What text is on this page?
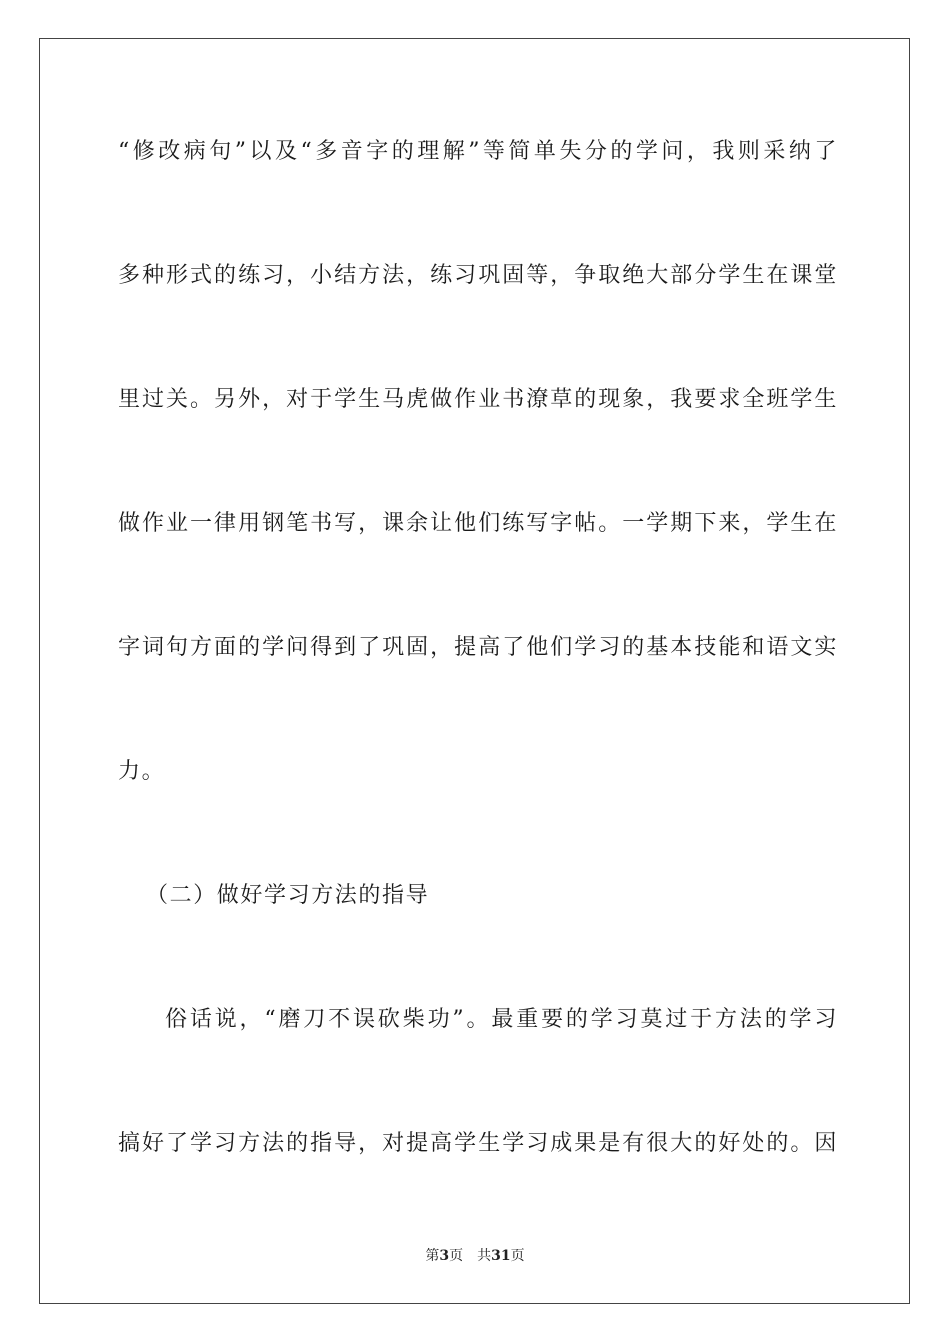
“修改病句”以及“多音字的理解”等简单失分的学问，我则采纳了
多种形式的练习，小结方法，练习巩固等，争取绝大部分学生在课堂
里过关。另外，对于学生马虎做作业书潦草的现象，我要求全班学生
做作业一律用钢笔书写，课余让他们练写字帖。一学期下来，学生在
字词句方面的学问得到了巩固，提高了他们学习的基本技能和语文实
力。
（二）做好学习方法的指导
俗话说，“磨刀不误砍柴功”。最重要的学习莫过于方法的学习
搞好了学习方法的指导，对提高学生学习成果是有很大的好处的。因
第3页 共31页
